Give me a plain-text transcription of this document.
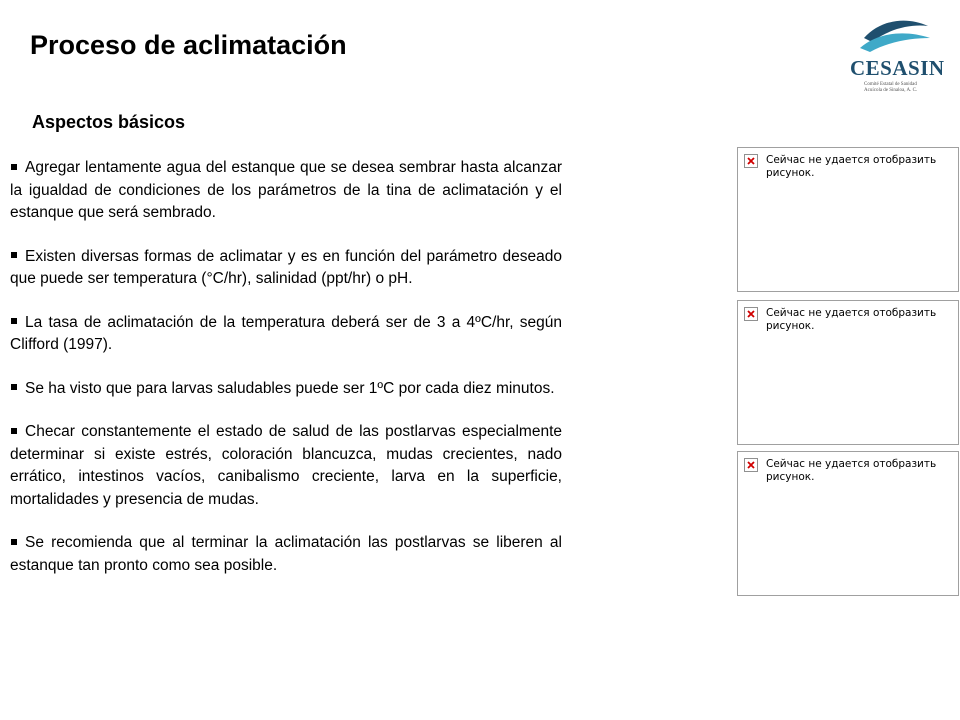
Proceso de aclimatación
CESASIN
Comité Estatal de Sanidad Acuícola de Sinaloa, A. C.
Aspectos básicos
Agregar lentamente agua del estanque que se desea sembrar hasta alcanzar la igualdad de condiciones de los parámetros de la tina de aclimatación y el estanque que será sembrado.
Existen diversas formas de aclimatar y es en función del parámetro deseado que puede ser temperatura (°C/hr), salinidad (ppt/hr) o pH.
La tasa de aclimatación de la temperatura deberá ser de 3 a 4ºC/hr, según Clifford (1997).
Se ha visto que para larvas saludables puede ser 1ºC por cada diez minutos.
Checar constantemente el estado de salud de las postlarvas especialmente determinar si existe estrés, coloración blancuzca, mudas crecientes, nado errático, intestinos vacíos, canibalismo creciente, larva en la superficie, mortalidades y presencia de mudas.
Se recomienda que al terminar la aclimatación las postlarvas se liberen al estanque tan pronto como sea posible.
Сейчас не удается отобразить рисунок.
Сейчас не удается отобразить рисунок.
Сейчас не удается отобразить рисунок.
